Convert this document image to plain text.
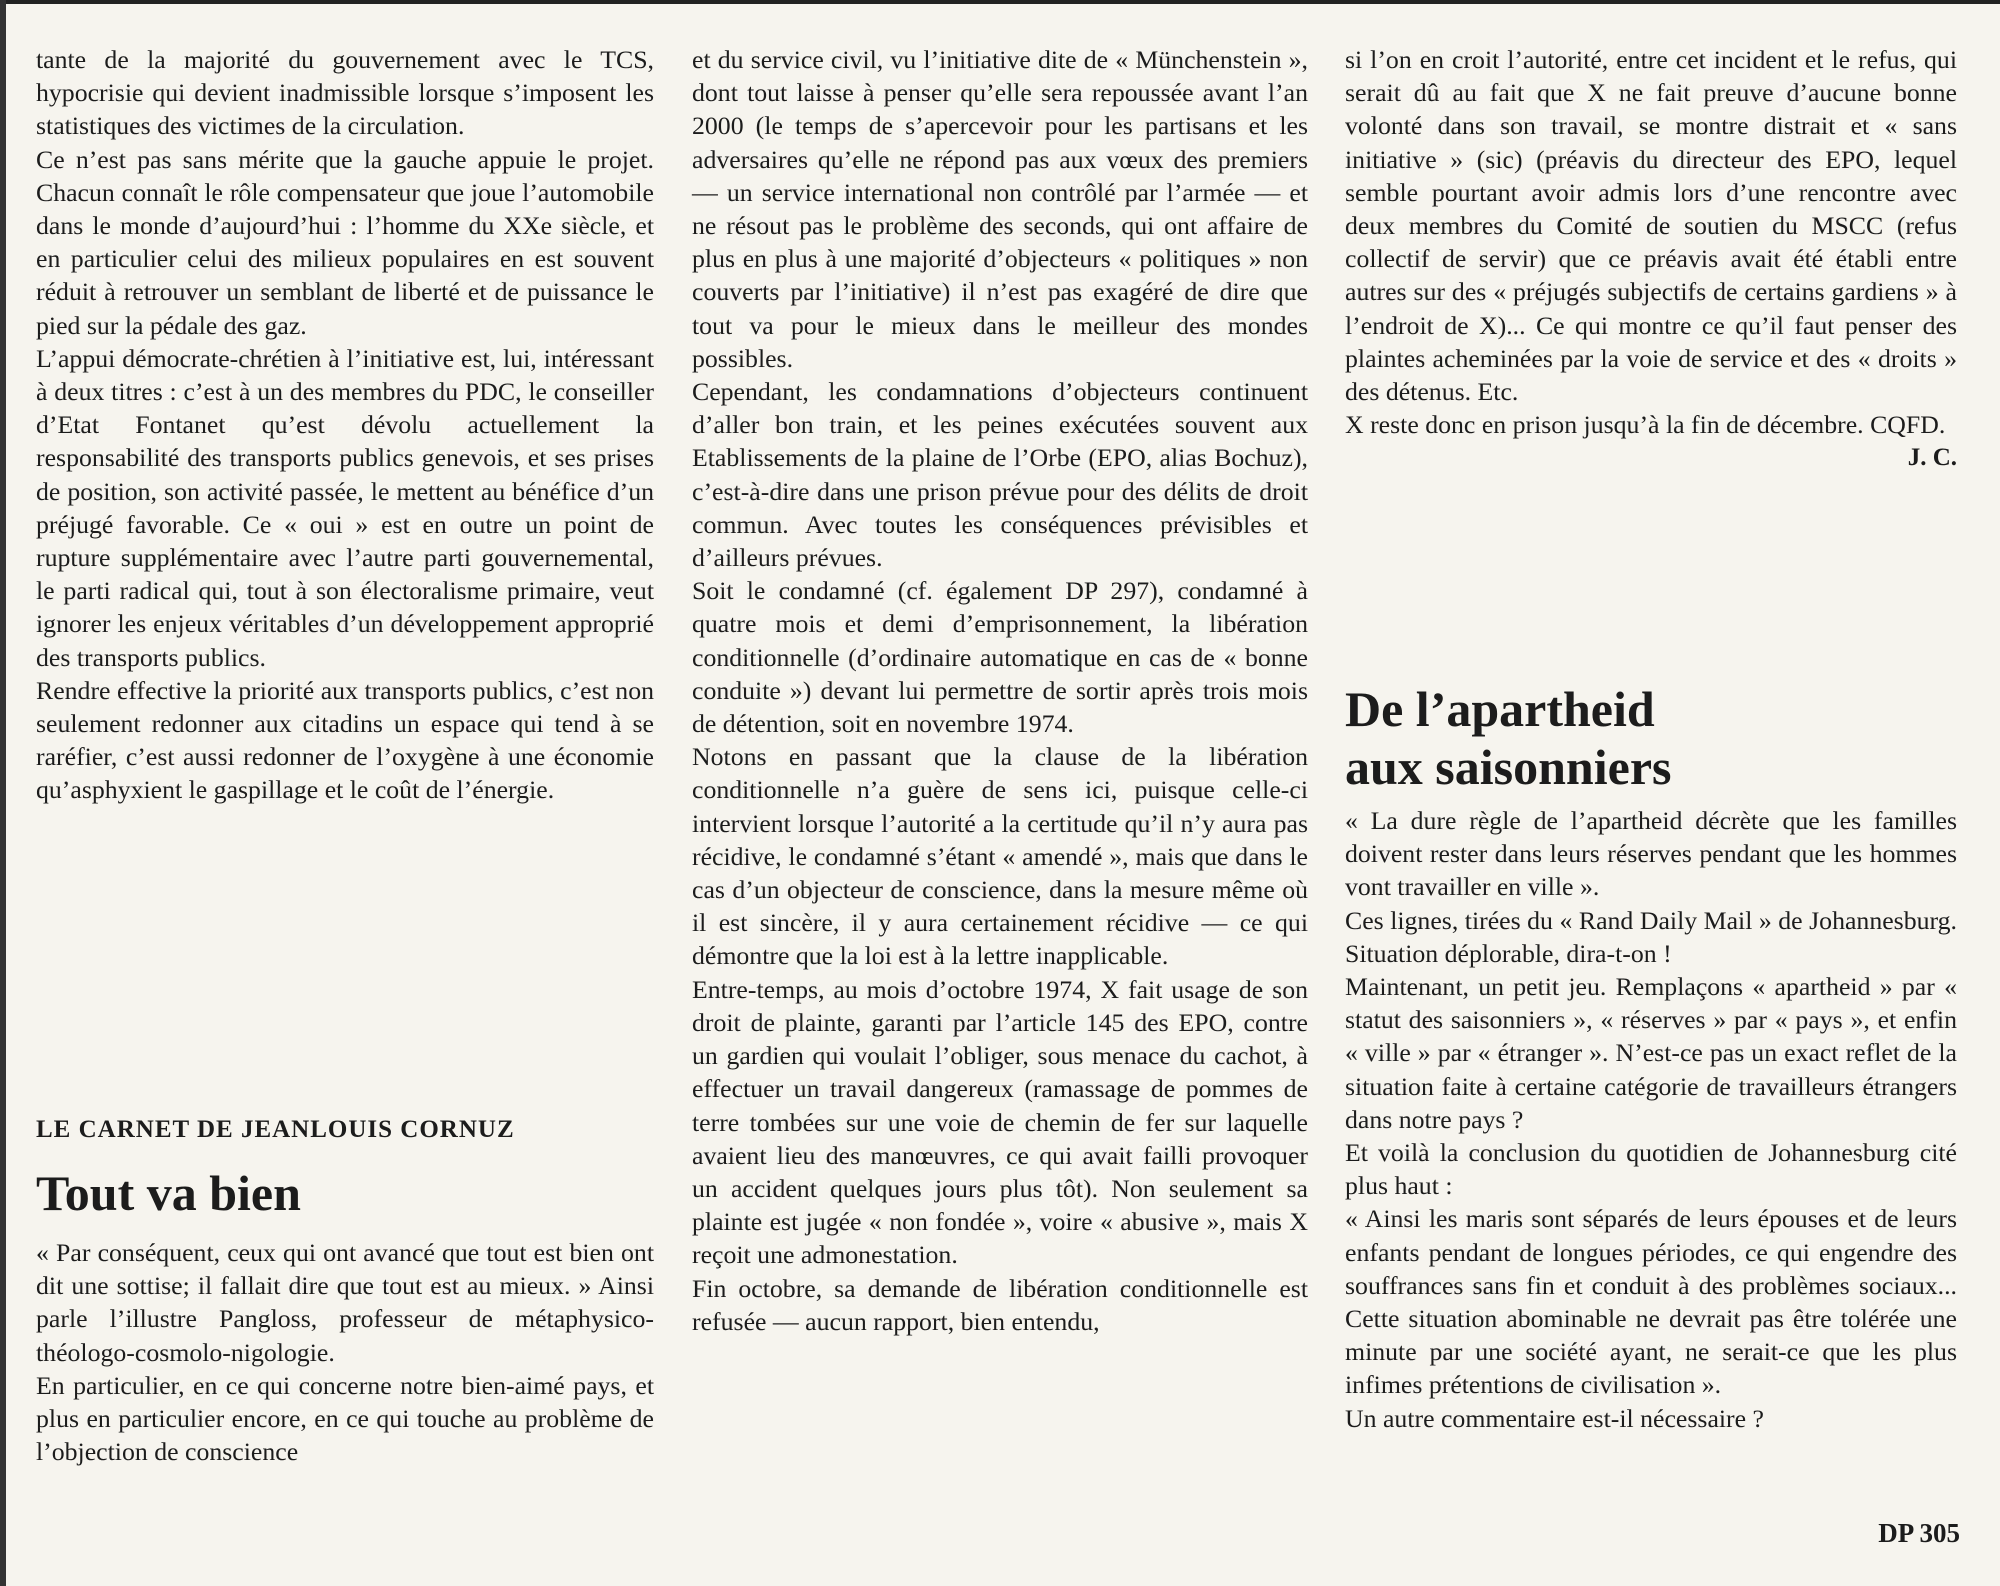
tante de la majorité du gouvernement avec le TCS, hypocrisie qui devient inadmissible lorsque s’imposent les statistiques des victimes de la circulation.

Ce n’est pas sans mérite que la gauche appuie le projet. Chacun connaît le rôle compensateur que joue l’automobile dans le monde d’aujourd’hui : l’homme du XXe siècle, et en particulier celui des milieux populaires en est souvent réduit à retrouver un semblant de liberté et de puissance le pied sur la pédale des gaz.

L’appui démocrate-chrétien à l’initiative est, lui, intéressant à deux titres : c’est à un des membres du PDC, le conseiller d’Etat Fontanet qu’est dévolu actuellement la responsabilité des transports publics genevois, et ses prises de position, son activité passée, le mettent au bénéfice d’un préjugé favorable. Ce « oui » est en outre un point de rupture supplémentaire avec l’autre parti gouvernemental, le parti radical qui, tout à son électoralisme primaire, veut ignorer les enjeux véritables d’un développement approprié des transports publics.

Rendre effective la priorité aux transports publics, c’est non seulement redonner aux citadins un espace qui tend à se raréfier, c’est aussi redonner de l’oxygène à une économie qu’asphyxient le gaspillage et le coût de l’énergie.

LE CARNET DE JEANLOUIS CORNUZ
Tout va bien

« Par conséquent, ceux qui ont avancé que tout est bien ont dit une sottise; il fallait dire que tout est au mieux. » Ainsi parle l’illustre Pangloss, professeur de métaphysico-théologo-cosmolo-nigologie.

En particulier, en ce qui concerne notre bien-aimé pays, et plus en particulier encore, en ce qui touche au problème de l’objection de conscience

et du service civil, vu l’initiative dite de « Münchenstein », dont tout laisse à penser qu’elle sera repoussée avant l’an 2000 (le temps de s’apercevoir pour les partisans et les adversaires qu’elle ne répond pas aux vœux des premiers — un service international non contrôlé par l’armée — et ne résout pas le problème des seconds, qui ont affaire de plus en plus à une majorité d’objecteurs « politiques » non couverts par l’initiative) il n’est pas exagéré de dire que tout va pour le mieux dans le meilleur des mondes possibles.

Cependant, les condamnations d’objecteurs continuent d’aller bon train, et les peines exécutées souvent aux Etablissements de la plaine de l’Orbe (EPO, alias Bochuz), c’est-à-dire dans une prison prévue pour des délits de droit commun. Avec toutes les conséquences prévisibles et d’ailleurs prévues.

Soit le condamné (cf. également DP 297), condamné à quatre mois et demi d’emprisonnement, la libération conditionnelle (d’ordinaire automatique en cas de « bonne conduite ») devant lui permettre de sortir après trois mois de détention, soit en novembre 1974.

Notons en passant que la clause de la libération conditionnelle n’a guère de sens ici, puisque celle-ci intervient lorsque l’autorité a la certitude qu’il n’y aura pas récidive, le condamné s’étant « amendé », mais que dans le cas d’un objecteur de conscience, dans la mesure même où il est sincère, il y aura certainement récidive — ce qui démontre que la loi est à la lettre inapplicable.

Entre-temps, au mois d’octobre 1974, X fait usage de son droit de plainte, garanti par l’article 145 des EPO, contre un gardien qui voulait l’obliger, sous menace du cachot, à effectuer un travail dangereux (ramassage de pommes de terre tombées sur une voie de chemin de fer sur laquelle avaient lieu des manœuvres, ce qui avait failli provoquer un accident quelques jours plus tôt). Non seulement sa plainte est jugée « non fondée », voire « abusive », mais X reçoit une admonestation.

Fin octobre, sa demande de libération conditionnelle est refusée — aucun rapport, bien entendu,

si l’on en croit l’autorité, entre cet incident et le refus, qui serait dû au fait que X ne fait preuve d’aucune bonne volonté dans son travail, se montre distrait et « sans initiative » (sic) (préavis du directeur des EPO, lequel semble pourtant avoir admis lors d’une rencontre avec deux membres du Comité de soutien du MSCC (refus collectif de servir) que ce préavis avait été établi entre autres sur des « préjugés subjectifs de certains gardiens » à l’endroit de X)... Ce qui montre ce qu’il faut penser des plaintes acheminées par la voie de service et des « droits » des détenus. Etc.

X reste donc en prison jusqu’à la fin de décembre. CQFD.

J. C.

De l’apartheid
aux saisonniers

« La dure règle de l’apartheid décrète que les familles doivent rester dans leurs réserves pendant que les hommes vont travailler en ville ».

Ces lignes, tirées du « Rand Daily Mail » de Johannesburg. Situation déplorable, dira-t-on !

Maintenant, un petit jeu. Remplaçons « apartheid » par « statut des saisonniers », « réserves » par « pays », et enfin « ville » par « étranger ». N’est-ce pas un exact reflet de la situation faite à certaine catégorie de travailleurs étrangers dans notre pays ?

Et voilà la conclusion du quotidien de Johannesburg cité plus haut :

« Ainsi les maris sont séparés de leurs épouses et de leurs enfants pendant de longues périodes, ce qui engendre des souffrances sans fin et conduit à des problèmes sociaux... Cette situation abominable ne devrait pas être tolérée une minute par une société ayant, ne serait-ce que les plus infimes prétentions de civilisation ».

Un autre commentaire est-il nécessaire ?

DP 305
